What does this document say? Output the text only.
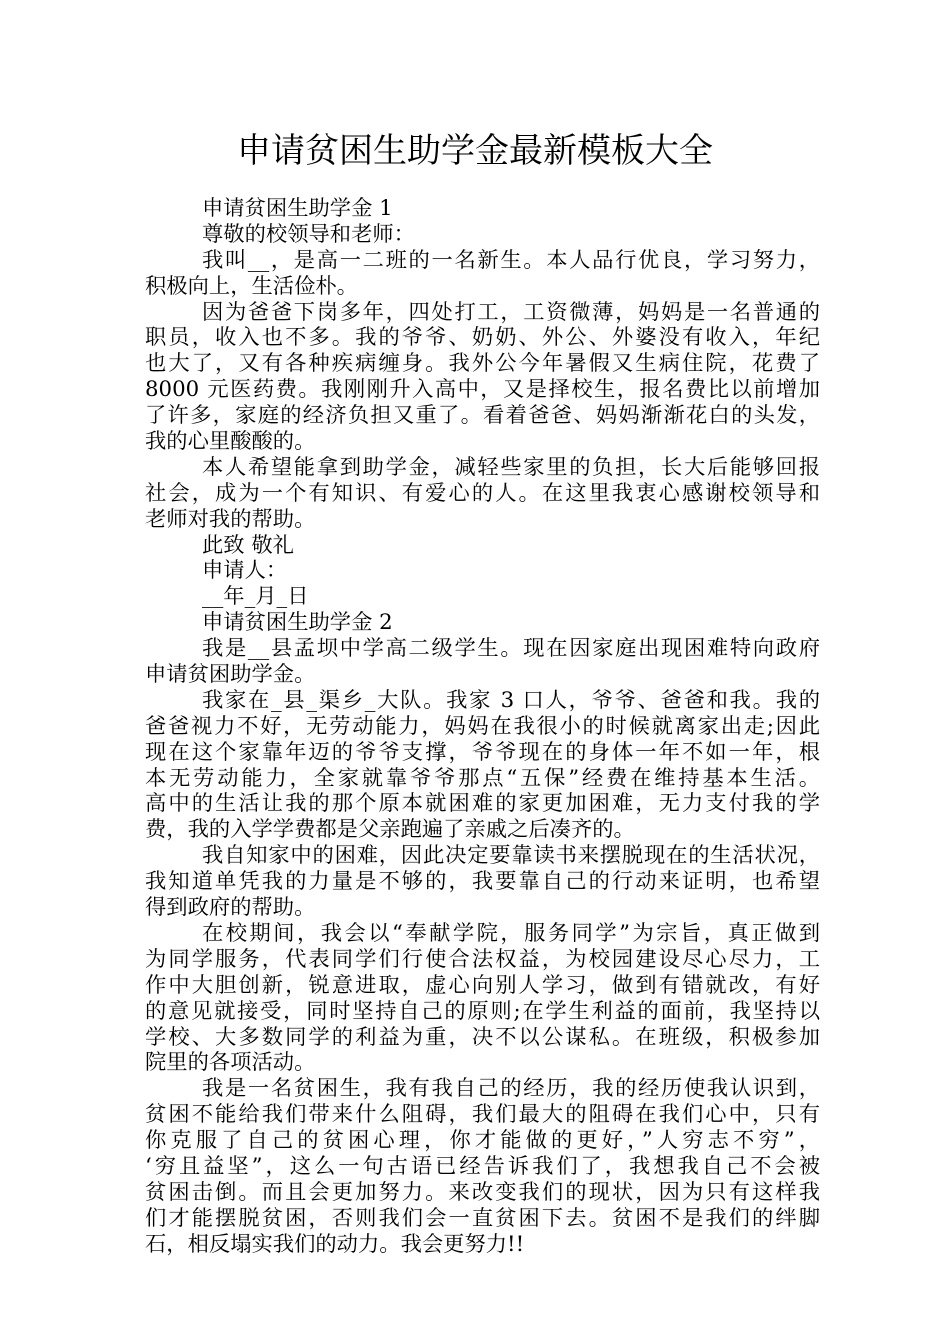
申请贫困生助学金最新模板大全
申请贫困生助学金 1
尊敬的校领导和老师：
我叫__，是高一二班的一名新生。本人品行优良，学习努力，
积极向上，生活俭朴。
因为爸爸下岗多年，四处打工，工资微薄，妈妈是一名普通的
职员，收入也不多。我的爷爷、奶奶、外公、外婆没有收入，年纪
也大了，又有各种疾病缠身。我外公今年暑假又生病住院，花费了
8000 元医药费。我刚刚升入高中，又是择校生，报名费比以前增加
了许多，家庭的经济负担又重了。看着爸爸、妈妈渐渐花白的头发，
我的心里酸酸的。
本人希望能拿到助学金，减轻些家里的负担，长大后能够回报
社会，成为一个有知识、有爱心的人。在这里我衷心感谢校领导和
老师对我的帮助。
此致 敬礼
申请人：
__年_月_日
申请贫困生助学金 2
我是__县孟坝中学高二级学生。现在因家庭出现困难特向政府
申请贫困助学金。
我家在_县_渠乡_大队。我家 3 口人，爷爷、爸爸和我。我的
爸爸视力不好，无劳动能力，妈妈在我很小的时候就离家出走;因此
现在这个家靠年迈的爷爷支撑，爷爷现在的身体一年不如一年，根
本无劳动能力，全家就靠爷爷那点“五保”经费在维持基本生活。
高中的生活让我的那个原本就困难的家更加困难，无力支付我的学
费，我的入学学费都是父亲跑遍了亲戚之后凑齐的。
我自知家中的困难，因此决定要靠读书来摆脱现在的生活状况，
我知道单凭我的力量是不够的，我要靠自己的行动来证明，也希望
得到政府的帮助。
在校期间，我会以“奉献学院，服务同学”为宗旨，真正做到
为同学服务，代表同学们行使合法权益，为校园建设尽心尽力，工
作中大胆创新，锐意进取，虚心向别人学习，做到有错就改，有好
的意见就接受，同时坚持自己的原则;在学生利益的面前，我坚持以
学校、大多数同学的利益为重，决不以公谋私。在班级，积极参加
院里的各项活动。
我是一名贫困生，我有我自己的经历，我的经历使我认识到，
贫困不能给我们带来什么阻碍，我们最大的阻碍在我们心中，只有
你克服了自己的贫困心理，你才能做的更好，”人穷志不穷”，
‘穷且益坚”，这么一句古语已经告诉我们了，我想我自己不会被
贫困击倒。而且会更加努力。来改变我们的现状，因为只有这样我
们才能摆脱贫困，否则我们会一直贫困下去。贫困不是我们的绊脚
石，相反塌实我们的动力。我会更努力!!
